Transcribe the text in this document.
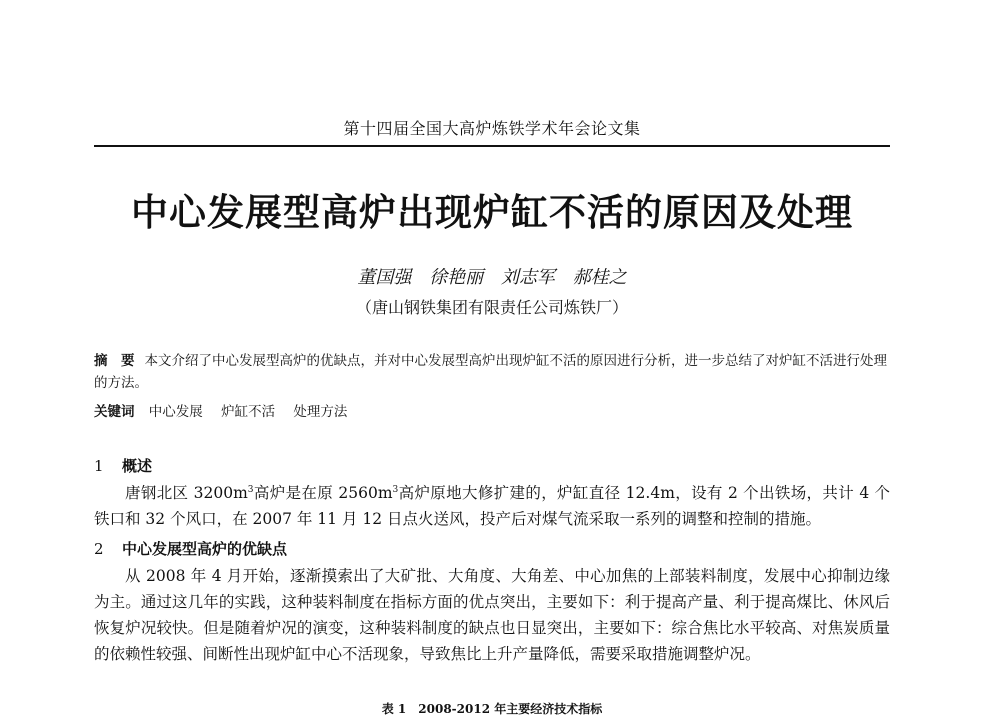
第十四届全国大高炉炼铁学术年会论文集
中心发展型高炉出现炉缸不活的原因及处理
董国强 徐艳丽 刘志军 郝桂之
（唐山钢铁集团有限责任公司炼铁厂）
摘　要 本文介绍了中心发展型高炉的优缺点，并对中心发展型高炉出现炉缸不活的原因进行分析，进一步总结了对炉缸不活进行处理的方法。
关键词 中心发展 炉缸不活 处理方法
1 概述
唐钢北区 $3200m^3$高炉是在原 $2560m^3$高炉原地大修扩建的，炉缸直径 12.4m，设有 2 个出铁场，共计 4 个铁口和 32 个风口，在 2007 年 11 月 12 日点火送风，投产后对煤气流采取一系列的调整和控制的措施。
2 中心发展型高炉的优缺点
从 2008 年 4 月开始，逐渐摸索出了大矿批、大角度、大角差、中心加焦的上部装料制度，发展中心抑制边缘为主。通过这几年的实践，这种装料制度在指标方面的优点突出，主要如下：利于提高产量、利于提高煤比、休风后恢复炉况较快。但是随着炉况的演变，这种装料制度的缺点也日显突出，主要如下：综合焦比水平较高、对焦炭质量的依赖性较强、间断性出现炉缸中心不活现象，导致焦比上升产量降低，需要采取措施调整炉况。
表 1　2008-2012 年主要经济技术指标
